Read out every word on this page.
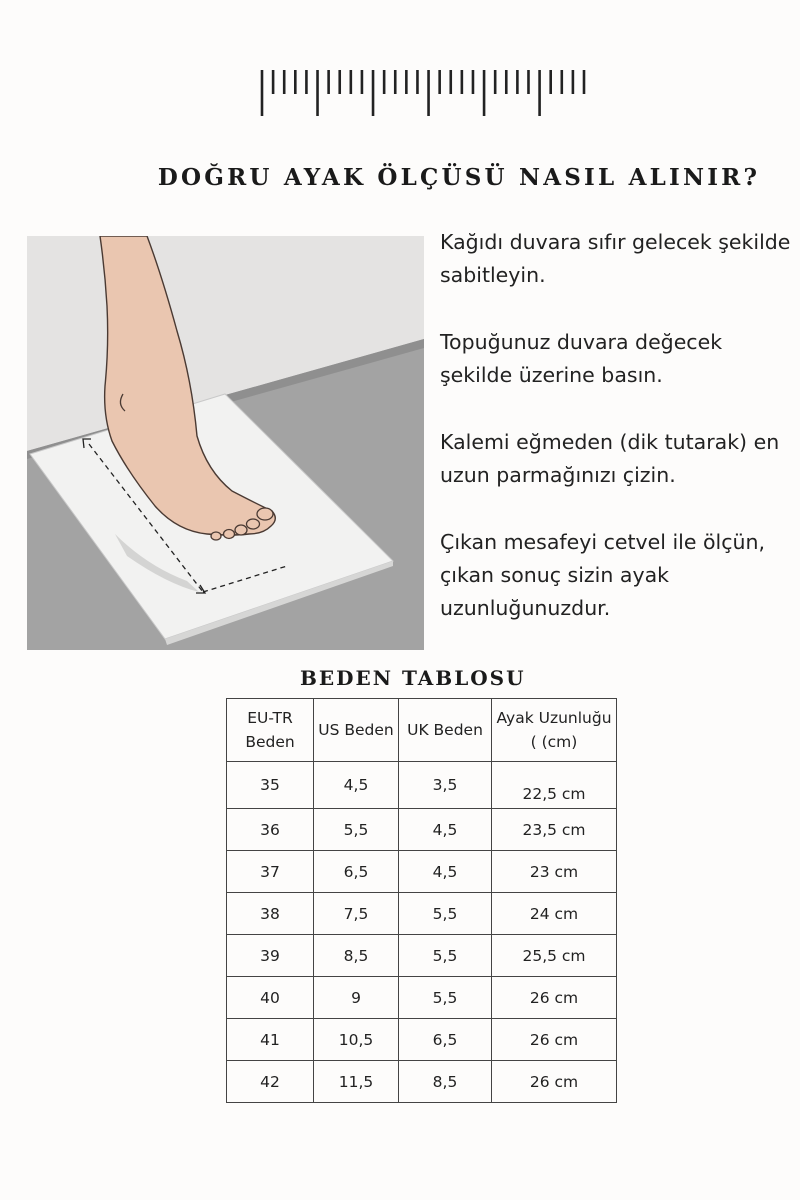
DOĞRU AYAK ÖLÇÜSÜ NASIL ALINIR?

Kağıdı duvara sıfır gelecek şekilde sabitleyin.

Topuğunuz duvara değecek şekilde üzerine basın.

Kalemi eğmeden (dik tutarak) en uzun parmağınızı çizin.

Çıkan mesafeyi cetvel ile ölçün, çıkan sonuç sizin ayak uzunluğunuzdur.

BEDEN TABLOSU
EU-TR Beden	US Beden	UK Beden	Ayak Uzunluğu ( (cm)
35	4,5	3,5	22,5 cm
36	5,5	4,5	23,5 cm
37	6,5	4,5	23 cm
38	7,5	5,5	24 cm
39	8,5	5,5	25,5 cm
40	9	5,5	26 cm
41	10,5	6,5	26 cm
42	11,5	8,5	26 cm
